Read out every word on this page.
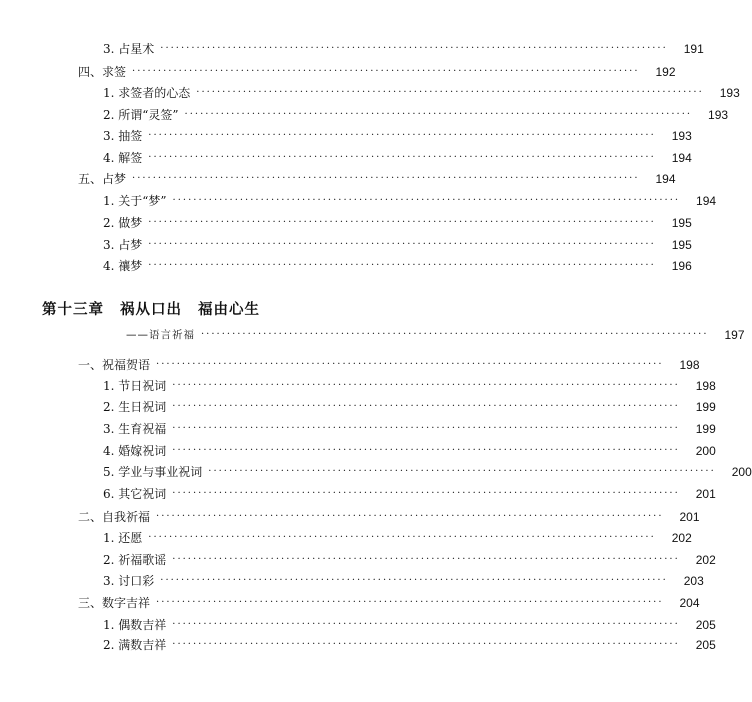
3. 占星术 ··································································································	191
四、求签 ··································································································	192
1. 求签者的心态 ··································································································	193
2. 所谓“灵签” ··································································································	193
3. 抽签 ··································································································	193
4. 解签 ··································································································	194
五、占梦 ··································································································	194
1. 关于“梦” ··································································································	194
2. 做梦 ··································································································	195
3. 占梦 ··································································································	195
4. 禳梦 ··································································································	196
第十三章 祸从口出 福由心生
——语言祈福 ··································································································	197
一、祝福贺语 ··································································································	198
1. 节日祝词 ··································································································	198
2. 生日祝词 ··································································································	199
3. 生育祝福 ··································································································	199
4. 婚嫁祝词 ··································································································	200
5. 学业与事业祝词 ··································································································	200
6. 其它祝词 ··································································································	201
二、自我祈福 ··································································································	201
1. 还愿 ··································································································	202
2. 祈福歌谣 ··································································································	202
3. 讨口彩 ··································································································	203
三、数字吉祥 ··································································································	204
1. 偶数吉祥 ··································································································	205
2. 满数吉祥 ··································································································	205
